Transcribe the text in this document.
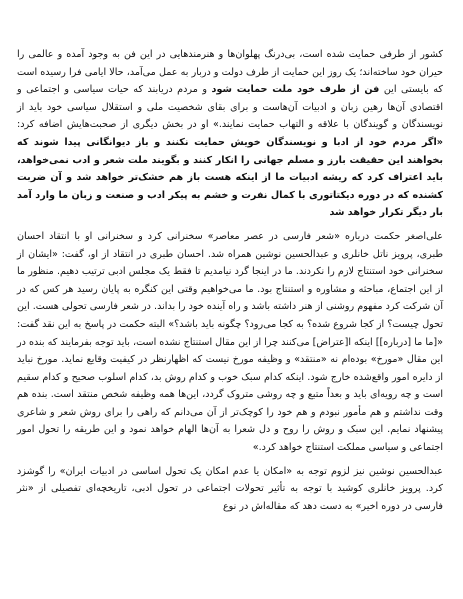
کشور از طرفی حمایت شده است، بی‌درنگ پهلوان‌ها و هنرمندهایی در این فن به وجود آمده و عالمی را حیران خود ساخته‌اند؛ یک روز این حمایت از طرف دولت و دربار به عمل می‌آمد، حالا ایامی فرا رسیده است که بایستی این فن از طرف خود ملت حمایت شود و مردم دریابند که حیات سیاسی و اجتماعی و اقتصادی آن‌ها رهین زبان و ادبیات آن‌هاست و برای بقای شخصیت ملی و استقلال سیاسی خود باید از نویسندگان و گویندگان با علاقه و التهاب حمایت نمایند.» او در بخش دیگری از صحبت‌هایش اضافه کرد: «اگر مردم خود از ادبا و نویسندگان خویش حمایت نکنند و باز دیوانگانی پیدا شوند که بخواهند این حقیقت بارز و مسلم جهانی را انکار کنند و بگویند ملت شعر و ادب نمی‌خواهد، باید اعتراف کرد که ریشه ادبیات ما از اینکه هست باز هم خشک‌تر خواهد شد و آن ضربت کشنده که در دوره دیکتاتوری با کمال نفرت و خشم به پیکر ادب و صنعت و زبان ما وارد آمد بار دیگر تکرار خواهد شد

علی‌اصغر حکمت درباره «شعر فارسی در عصر معاصر» سخنرانی کرد و سخنرانی او با انتقاد احسان طبری، پرویز ناتل خانلری و عبدالحسین نوشین همراه شد. احسان طبری در انتقاد از او، گفت: «ایشان از سخنرانی خود استنتاج لازم را نکردند. ما در اینجا گرد نیامدیم تا فقط یک مجلس ادبی ترتیب دهیم. منظور ما از این اجتماع، مباحثه و مشاوره و استنتاج بود. ما می‌خواهیم وقتی این کنگره به پایان رسید هر کس که در آن شرکت کرد مفهوم روشنی از هنر داشته باشد و راه آینده خود را بداند. در شعر فارسی تحولی هست. این تحول چیست؟ از کجا شروع شده؟ به کجا می‌رود؟ چگونه باید باشد؟» البته حکمت در پاسخ به این نقد گفت: «[ما ما [درباره]] اینکه ا[عتراض] می‌کنند چرا از این مقال استنتاج نشده است، باید توجه بفرمایند که بنده در این مقال «مورخ» بوده‌ام نه «منتقد» و وظیفه مورخ نیست که اظهارنظر در کیفیت وقایع نماید. مورخ نباید از دایره امور واقع‌شده خارج شود. اینکه کدام سبک خوب و کدام روش بد، کدام اسلوب صحیح و کدام سقیم است و چه رویه‌ای باید و بعداً متبع و چه روشی متروک گردد، این‌ها همه وظیفه شخص منتقد است. بنده هم وقت نداشتم و هم مأمور نبودم و هم خود را کوچک‌تر از آن می‌دانم که راهی را برای روش شعر و شاعری پیشنهاد نمایم. این سبک و روش را روح و دل شعرا به آن‌ها الهام خواهد نمود و این طریقه را تحول امور اجتماعی و سیاسی مملکت استنتاج خواهد کرد.»

عبدالحسین نوشین نیز لزوم توجه به «امکان یا عدم امکان یک تحول اساسی در ادبیات ایران» را گوشزد کرد. پرویز خانلری کوشید با توجه به تأثیر تحولات اجتماعی در تحول ادبی، تاریخچه‌ای تفصیلی از «نثر فارسی در دوره اخیر» به دست دهد که مقاله‌اش در نوع
